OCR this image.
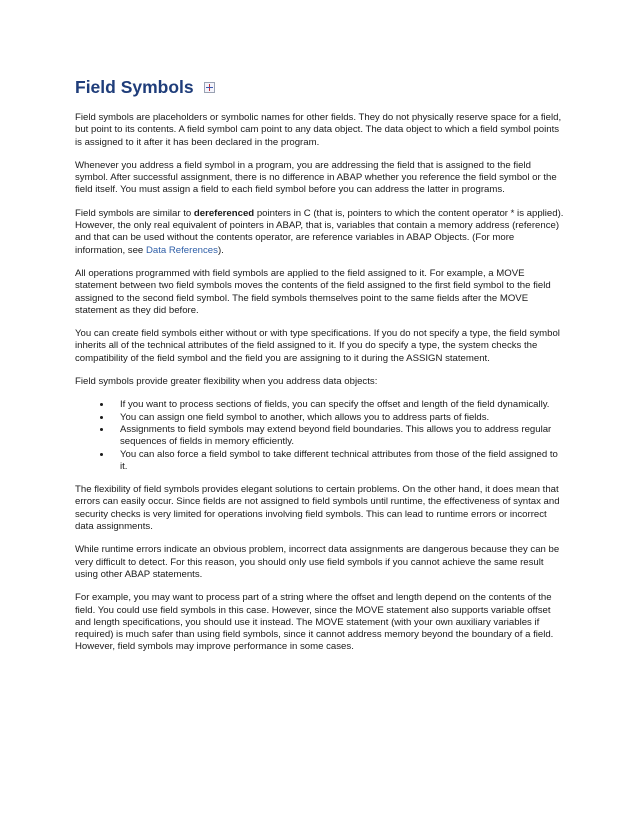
Field Symbols

Field symbols are placeholders or symbolic names for other fields. They do not physically reserve space for a field, but point to its contents. A field symbol cam point to any data object. The data object to which a field symbol points is assigned to it after it has been declared in the program.

Whenever you address a field symbol in a program, you are addressing the field that is assigned to the field symbol. After successful assignment, there is no difference in ABAP whether you reference the field symbol or the field itself. You must assign a field to each field symbol before you can address the latter in programs.

Field symbols are similar to dereferenced pointers in C (that is, pointers to which the content operator * is applied). However, the only real equivalent of pointers in ABAP, that is, variables that contain a memory address (reference) and that can be used without the contents operator, are reference variables in ABAP Objects. (For more information, see Data References).

All operations programmed with field symbols are applied to the field assigned to it. For example, a MOVE statement between two field symbols moves the contents of the field assigned to the first field symbol to the field assigned to the second field symbol. The field symbols themselves point to the same fields after the MOVE statement as they did before.

You can create field symbols either without or with type specifications. If you do not specify a type, the field symbol inherits all of the technical attributes of the field assigned to it. If you do specify a type, the system checks the compatibility of the field symbol and the field you are assigning to it during the ASSIGN statement.

Field symbols provide greater flexibility when you address data objects:

• If you want to process sections of fields, you can specify the offset and length of the field dynamically.
• You can assign one field symbol to another, which allows you to address parts of fields.
• Assignments to field symbols may extend beyond field boundaries. This allows you to address regular sequences of fields in memory efficiently.
• You can also force a field symbol to take different technical attributes from those of the field assigned to it.

The flexibility of field symbols provides elegant solutions to certain problems. On the other hand, it does mean that errors can easily occur. Since fields are not assigned to field symbols until runtime, the effectiveness of syntax and security checks is very limited for operations involving field symbols. This can lead to runtime errors or incorrect data assignments.

While runtime errors indicate an obvious problem, incorrect data assignments are dangerous because they can be very difficult to detect. For this reason, you should only use field symbols if you cannot achieve the same result using other ABAP statements.

For example, you may want to process part of a string where the offset and length depend on the contents of the field. You could use field symbols in this case. However, since the MOVE statement also supports variable offset and length specifications, you should use it instead. The MOVE statement (with your own auxiliary variables if required) is much safer than using field symbols, since it cannot address memory beyond the boundary of a field. However, field symbols may improve performance in some cases.
